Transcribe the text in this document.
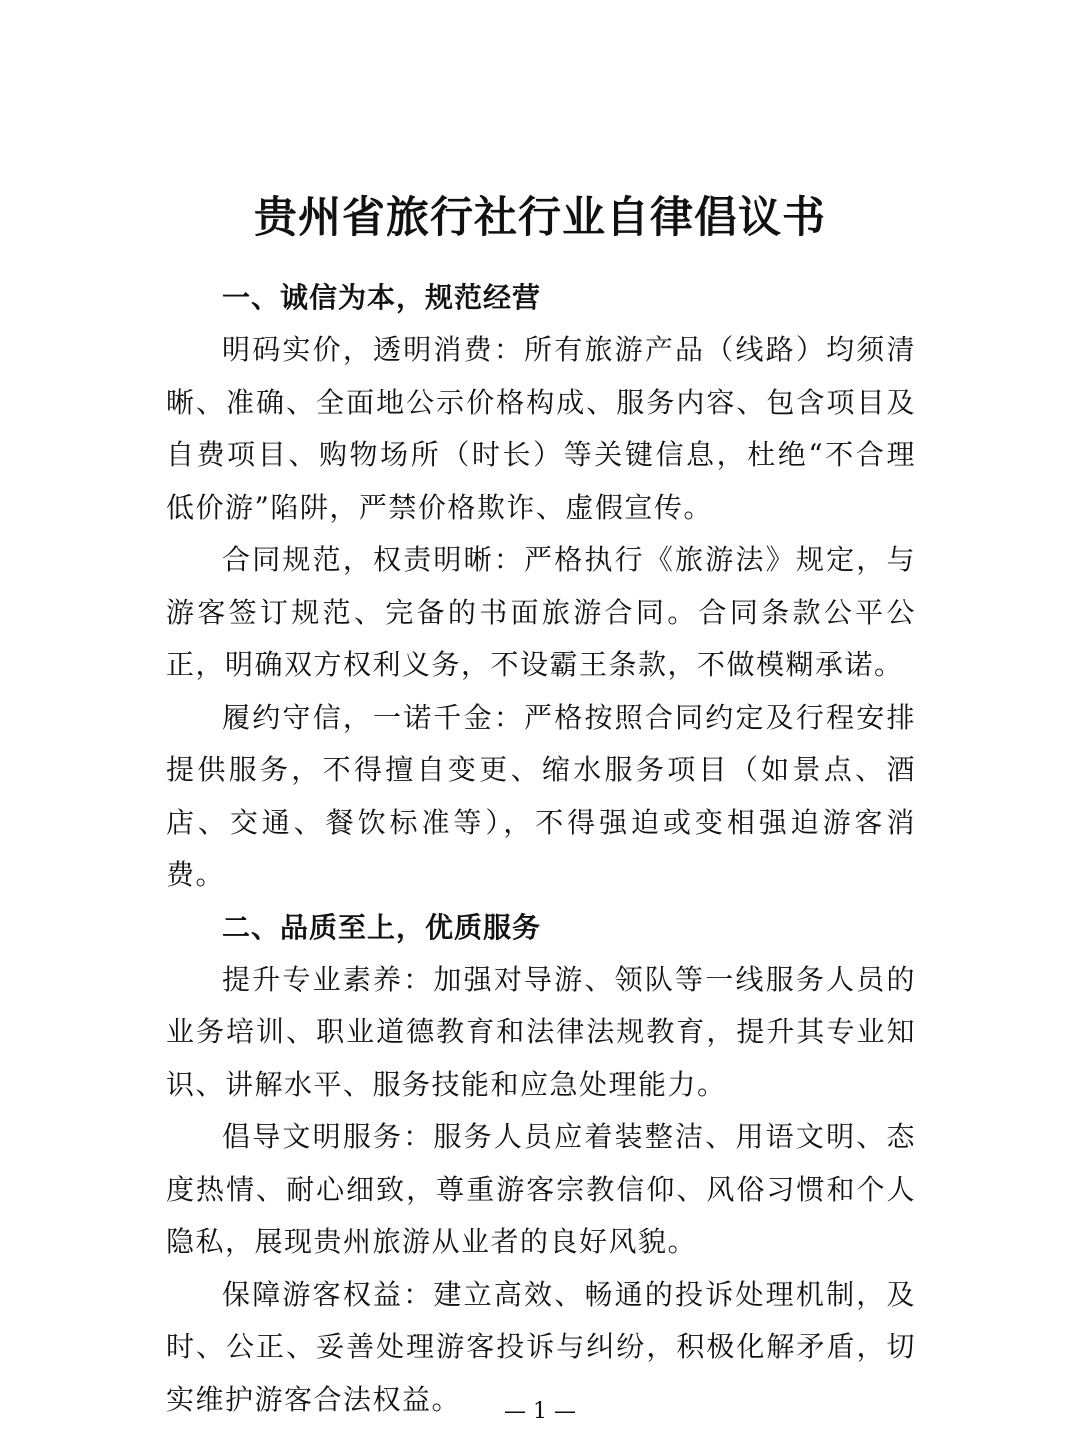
贵州省旅行社行业自律倡议书

一、诚信为本，规范经营

明码实价，透明消费：所有旅游产品（线路）均须清晰、准确、全面地公示价格构成、服务内容、包含项目及自费项目、购物场所（时长）等关键信息，杜绝“不合理低价游”陷阱，严禁价格欺诈、虚假宣传。

合同规范，权责明晰：严格执行《旅游法》规定，与游客签订规范、完备的书面旅游合同。合同条款公平公正，明确双方权利义务，不设霸王条款，不做模糊承诺。

履约守信，一诺千金：严格按照合同约定及行程安排提供服务，不得擅自变更、缩水服务项目（如景点、酒店、交通、餐饮标准等），不得强迫或变相强迫游客消费。

二、品质至上，优质服务

提升专业素养：加强对导游、领队等一线服务人员的业务培训、职业道德教育和法律法规教育，提升其专业知识、讲解水平、服务技能和应急处理能力。

倡导文明服务：服务人员应着装整洁、用语文明、态度热情、耐心细致，尊重游客宗教信仰、风俗习惯和个人隐私，展现贵州旅游从业者的良好风貌。

保障游客权益：建立高效、畅通的投诉处理机制，及时、公正、妥善处理游客投诉与纠纷，积极化解矛盾，切实维护游客合法权益。	— 1 —
